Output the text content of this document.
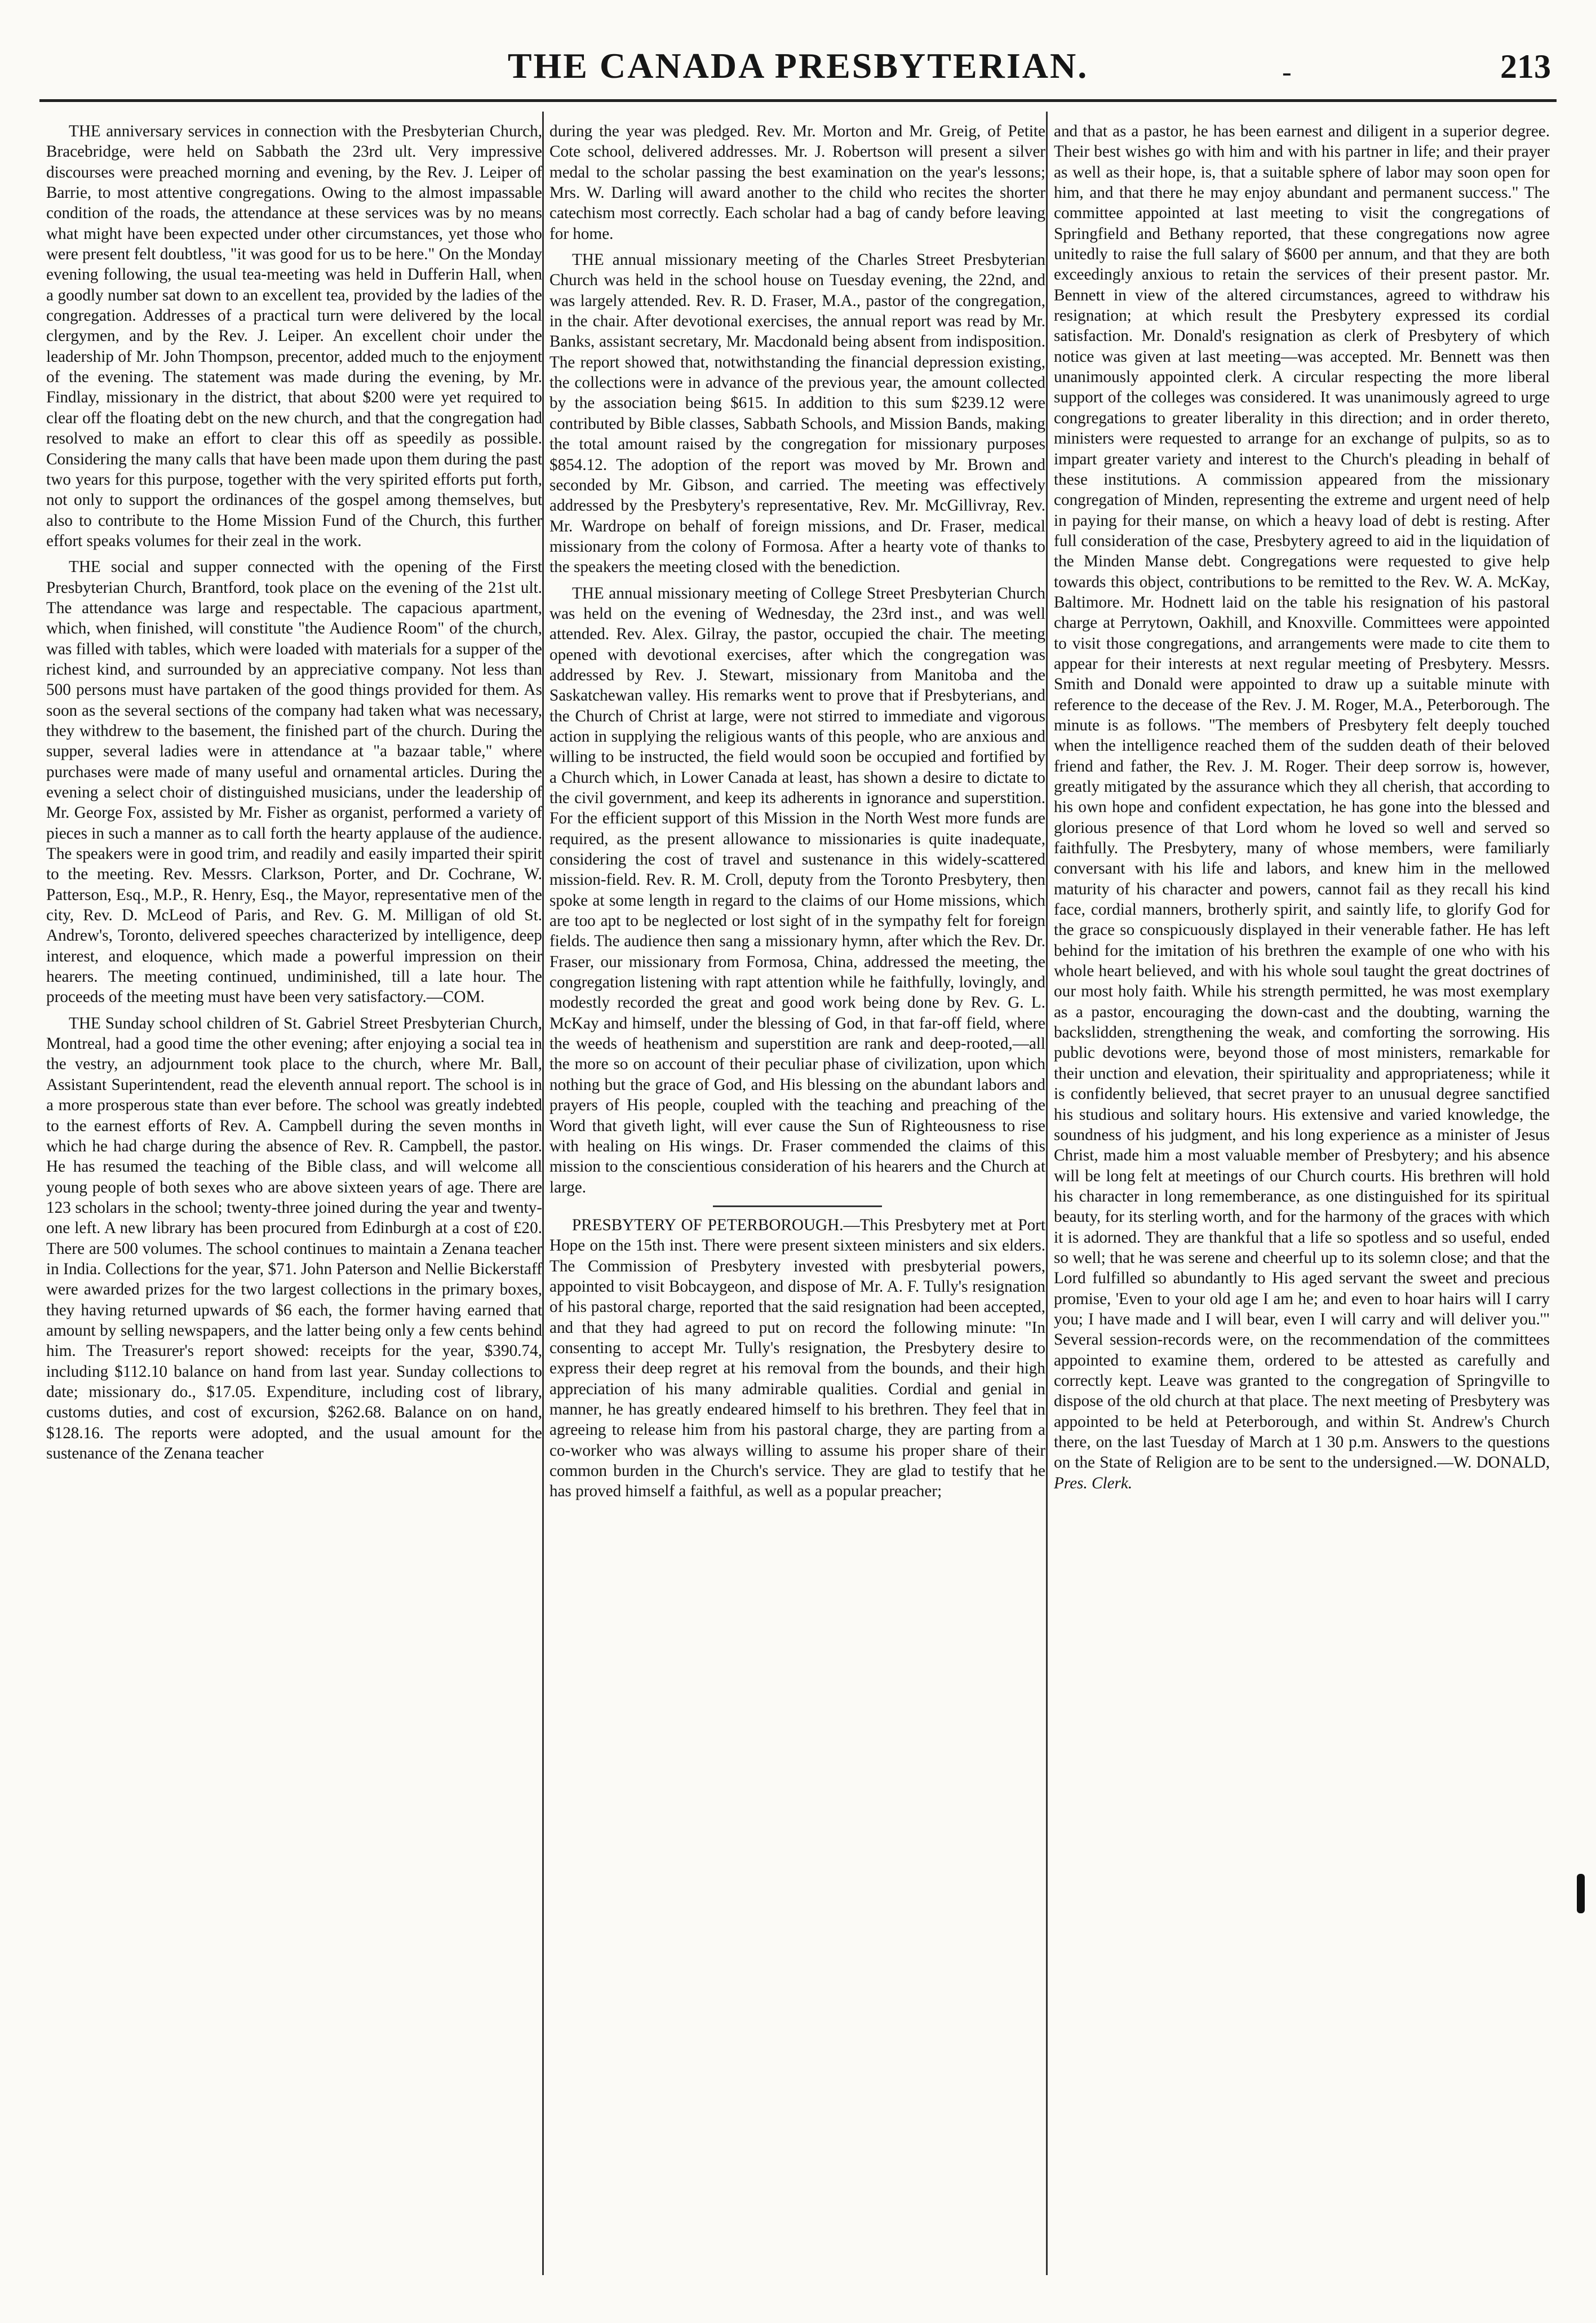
THE CANADA PRESBYTERIAN.	-	213

THE anniversary services in connection with the Presbyterian Church, Bracebridge, were held on Sabbath the 23rd ult. Very impressive discourses were preached morning and evening, by the Rev. J. Leiper of Barrie, to most attentive congregations. Owing to the almost impassable condition of the roads, the attendance at these services was by no means what might have been expected under other circumstances, yet those who were present felt doubtless, "it was good for us to be here." On the Monday evening following, the usual tea-meeting was held in Dufferin Hall, when a goodly number sat down to an excellent tea, provided by the ladies of the congregation. Addresses of a practical turn were delivered by the local clergymen, and by the Rev. J. Leiper. An excellent choir under the leadership of Mr. John Thompson, precentor, added much to the enjoyment of the evening. The statement was made during the evening, by Mr. Findlay, missionary in the district, that about $200 were yet required to clear off the floating debt on the new church, and that the congregation had resolved to make an effort to clear this off as speedily as possible. Considering the many calls that have been made upon them during the past two years for this purpose, together with the very spirited efforts put forth, not only to support the ordinances of the gospel among themselves, but also to contribute to the Home Mission Fund of the Church, this further effort speaks volumes for their zeal in the work.

THE social and supper connected with the opening of the First Presbyterian Church, Brantford, took place on the evening of the 21st ult. The attendance was large and respectable. The capacious apartment, which, when finished, will constitute "the Audience Room" of the church, was filled with tables, which were loaded with materials for a supper of the richest kind, and surrounded by an appreciative company. Not less than 500 persons must have partaken of the good things provided for them. As soon as the several sections of the company had taken what was necessary, they withdrew to the basement, the finished part of the church. During the supper, several ladies were in attendance at "a bazaar table," where purchases were made of many useful and ornamental articles. During the evening a select choir of distinguished musicians, under the leadership of Mr. George Fox, assisted by Mr. Fisher as organist, performed a variety of pieces in such a manner as to call forth the hearty applause of the audience. The speakers were in good trim, and readily and easily imparted their spirit to the meeting. Rev. Messrs. Clarkson, Porter, and Dr. Cochrane, W. Patterson, Esq., M.P., R. Henry, Esq., the Mayor, representative men of the city, Rev. D. McLeod of Paris, and Rev. G. M. Milligan of old St. Andrew's, Toronto, delivered speeches characterized by intelligence, deep interest, and eloquence, which made a powerful impression on their hearers. The meeting continued, undiminished, till a late hour. The proceeds of the meeting must have been very satisfactory.—COM.

THE Sunday school children of St. Gabriel Street Presbyterian Church, Montreal, had a good time the other evening; after enjoying a social tea in the vestry, an adjournment took place to the church, where Mr. Ball, Assistant Superintendent, read the eleventh annual report. The school is in a more prosperous state than ever before. The school was greatly indebted to the earnest efforts of Rev. A. Campbell during the seven months in which he had charge during the absence of Rev. R. Campbell, the pastor. He has resumed the teaching of the Bible class, and will welcome all young people of both sexes who are above sixteen years of age. There are 123 scholars in the school; twenty-three joined during the year and twenty-one left. A new library has been procured from Edinburgh at a cost of £20. There are 500 volumes. The school continues to maintain a Zenana teacher in India. Collections for the year, $71. John Paterson and Nellie Bickerstaff were awarded prizes for the two largest collections in the primary boxes, they having returned upwards of $6 each, the former having earned that amount by selling newspapers, and the latter being only a few cents behind him. The Treasurer's report showed: receipts for the year, $390.74, including $112.10 balance on hand from last year. Sunday collections to date; missionary do., $17.05. Expenditure, including cost of library, customs duties, and cost of excursion, $262.68. Balance on on hand, $128.16. The reports were adopted, and the usual amount for the sustenance of the Zenana teacher

during the year was pledged. Rev. Mr. Morton and Mr. Greig, of Petite Cote school, delivered addresses. Mr. J. Robertson will present a silver medal to the scholar passing the best examination on the year's lessons; Mrs. W. Darling will award another to the child who recites the shorter catechism most correctly. Each scholar had a bag of candy before leaving for home.

THE annual missionary meeting of the Charles Street Presbyterian Church was held in the school house on Tuesday evening, the 22nd, and was largely attended. Rev. R. D. Fraser, M.A., pastor of the congregation, in the chair. After devotional exercises, the annual report was read by Mr. Banks, assistant secretary, Mr. Macdonald being absent from indisposition. The report showed that, notwithstanding the financial depression existing, the collections were in advance of the previous year, the amount collected by the association being $615. In addition to this sum $239.12 were contributed by Bible classes, Sabbath Schools, and Mission Bands, making the total amount raised by the congregation for missionary purposes $854.12. The adoption of the report was moved by Mr. Brown and seconded by Mr. Gibson, and carried. The meeting was effectively addressed by the Presbytery's representative, Rev. Mr. McGillivray, Rev. Mr. Wardrope on behalf of foreign missions, and Dr. Fraser, medical missionary from the colony of Formosa. After a hearty vote of thanks to the speakers the meeting closed with the benediction.

THE annual missionary meeting of College Street Presbyterian Church was held on the evening of Wednesday, the 23rd inst., and was well attended. Rev. Alex. Gilray, the pastor, occupied the chair. The meeting opened with devotional exercises, after which the congregation was addressed by Rev. J. Stewart, missionary from Manitoba and the Saskatchewan valley. His remarks went to prove that if Presbyterians, and the Church of Christ at large, were not stirred to immediate and vigorous action in supplying the religious wants of this people, who are anxious and willing to be instructed, the field would soon be occupied and fortified by a Church which, in Lower Canada at least, has shown a desire to dictate to the civil government, and keep its adherents in ignorance and superstition. For the efficient support of this Mission in the North West more funds are required, as the present allowance to missionaries is quite inadequate, considering the cost of travel and sustenance in this widely-scattered mission-field. Rev. R. M. Croll, deputy from the Toronto Presbytery, then spoke at some length in regard to the claims of our Home missions, which are too apt to be neglected or lost sight of in the sympathy felt for foreign fields. The audience then sang a missionary hymn, after which the Rev. Dr. Fraser, our missionary from Formosa, China, addressed the meeting, the congregation listening with rapt attention while he faithfully, lovingly, and modestly recorded the great and good work being done by Rev. G. L. McKay and himself, under the blessing of God, in that far-off field, where the weeds of heathenism and superstition are rank and deep-rooted,—all the more so on account of their peculiar phase of civilization, upon which nothing but the grace of God, and His blessing on the abundant labors and prayers of His people, coupled with the teaching and preaching of the Word that giveth light, will ever cause the Sun of Righteousness to rise with healing on His wings. Dr. Fraser commended the claims of this mission to the conscientious consideration of his hearers and the Church at large.

PRESBYTERY OF PETERBOROUGH.—This Presbytery met at Port Hope on the 15th inst. There were present sixteen ministers and six elders. The Commission of Presbytery invested with presbyterial powers, appointed to visit Bobcaygeon, and dispose of Mr. A. F. Tully's resignation of his pastoral charge, reported that the said resignation had been accepted, and that they had agreed to put on record the following minute: "In consenting to accept Mr. Tully's resignation, the Presbytery desire to express their deep regret at his removal from the bounds, and their high appreciation of his many admirable qualities. Cordial and genial in manner, he has greatly endeared himself to his brethren. They feel that in agreeing to release him from his pastoral charge, they are parting from a co-worker who was always willing to assume his proper share of their common burden in the Church's service. They are glad to testify that he has proved himself a faithful, as well as a popular preacher;

and that as a pastor, he has been earnest and diligent in a superior degree. Their best wishes go with him and with his partner in life; and their prayer as well as their hope, is, that a suitable sphere of labor may soon open for him, and that there he may enjoy abundant and permanent success." The committee appointed at last meeting to visit the congregations of Springfield and Bethany reported, that these congregations now agree unitedly to raise the full salary of $600 per annum, and that they are both exceedingly anxious to retain the services of their present pastor. Mr. Bennett in view of the altered circumstances, agreed to withdraw his resignation; at which result the Presbytery expressed its cordial satisfaction. Mr. Donald's resignation as clerk of Presbytery of which notice was given at last meeting—was accepted. Mr. Bennett was then unanimously appointed clerk. A circular respecting the more liberal support of the colleges was considered. It was unanimously agreed to urge congregations to greater liberality in this direction; and in order thereto, ministers were requested to arrange for an exchange of pulpits, so as to impart greater variety and interest to the Church's pleading in behalf of these institutions. A commission appeared from the missionary congregation of Minden, representing the extreme and urgent need of help in paying for their manse, on which a heavy load of debt is resting. After full consideration of the case, Presbytery agreed to aid in the liquidation of the Minden Manse debt. Congregations were requested to give help towards this object, contributions to be remitted to the Rev. W. A. McKay, Baltimore. Mr. Hodnett laid on the table his resignation of his pastoral charge at Perrytown, Oakhill, and Knoxville. Committees were appointed to visit those congregations, and arrangements were made to cite them to appear for their interests at next regular meeting of Presbytery. Messrs. Smith and Donald were appointed to draw up a suitable minute with reference to the decease of the Rev. J. M. Roger, M.A., Peterborough. The minute is as follows. "The members of Presbytery felt deeply touched when the intelligence reached them of the sudden death of their beloved friend and father, the Rev. J. M. Roger. Their deep sorrow is, however, greatly mitigated by the assurance which they all cherish, that according to his own hope and confident expectation, he has gone into the blessed and glorious presence of that Lord whom he loved so well and served so faithfully. The Presbytery, many of whose members, were familiarly conversant with his life and labors, and knew him in the mellowed maturity of his character and powers, cannot fail as they recall his kind face, cordial manners, brotherly spirit, and saintly life, to glorify God for the grace so conspicuously displayed in their venerable father. He has left behind for the imitation of his brethren the example of one who with his whole heart believed, and with his whole soul taught the great doctrines of our most holy faith. While his strength permitted, he was most exemplary as a pastor, encouraging the down-cast and the doubting, warning the backslidden, strengthening the weak, and comforting the sorrowing. His public devotions were, beyond those of most ministers, remarkable for their unction and elevation, their spirituality and appropriateness; while it is confidently believed, that secret prayer to an unusual degree sanctified his studious and solitary hours. His extensive and varied knowledge, the soundness of his judgment, and his long experience as a minister of Jesus Christ, made him a most valuable member of Presbytery; and his absence will be long felt at meetings of our Church courts. His brethren will hold his character in long rememberance, as one distinguished for its spiritual beauty, for its sterling worth, and for the harmony of the graces with which it is adorned. They are thankful that a life so spotless and so useful, ended so well; that he was serene and cheerful up to its solemn close; and that the Lord fulfilled so abundantly to His aged servant the sweet and precious promise, 'Even to your old age I am he; and even to hoar hairs will I carry you; I have made and I will bear, even I will carry and will deliver you.'" Several session-records were, on the recommendation of the committees appointed to examine them, ordered to be attested as carefully and correctly kept. Leave was granted to the congregation of Springville to dispose of the old church at that place. The next meeting of Presbytery was appointed to be held at Peterborough, and within St. Andrew's Church there, on the last Tuesday of March at 1 30 p.m. Answers to the questions on the State of Religion are to be sent to the undersigned.—W. DONALD, Pres. Clerk.
